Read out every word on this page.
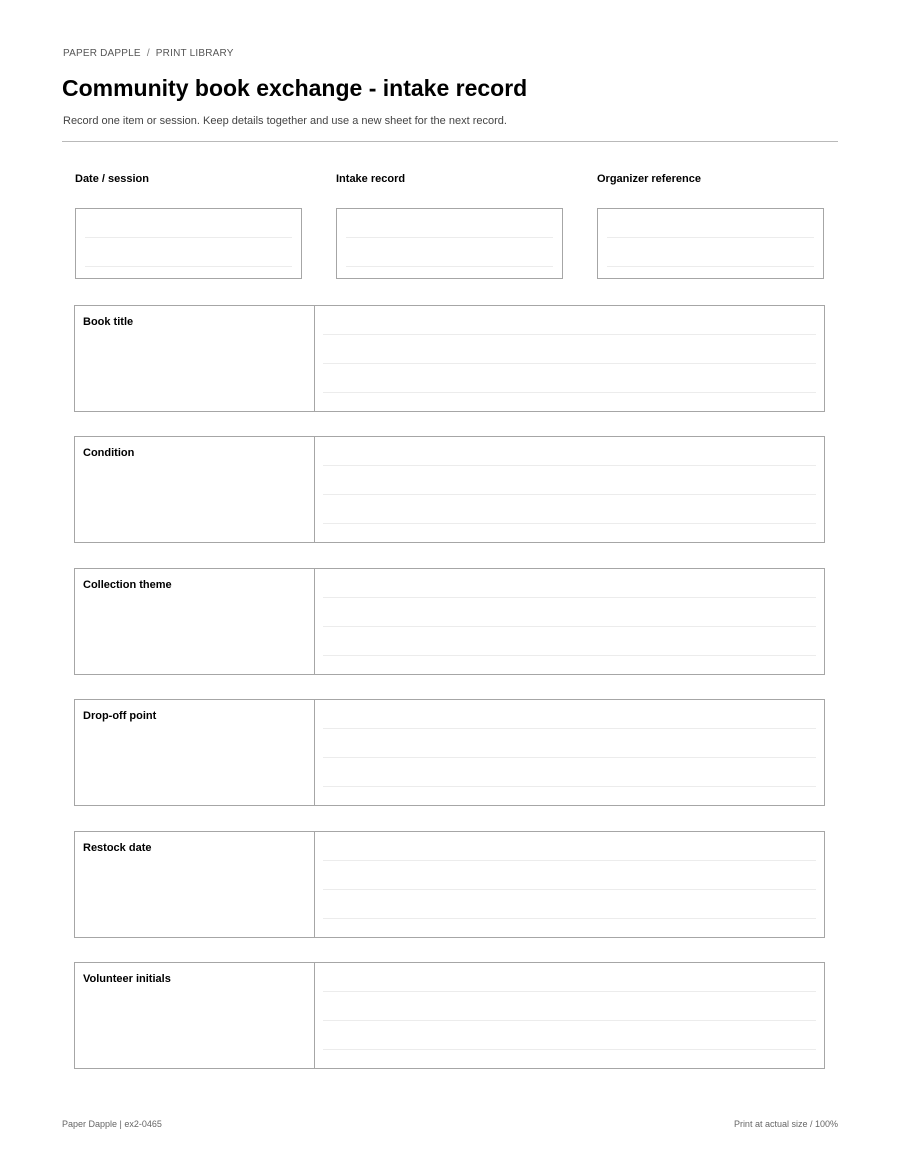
PAPER DAPPLE / PRINT LIBRARY
Community book exchange - intake record
Record one item or session. Keep details together and use a new sheet for the next record.
Date / session	Intake record	Organizer reference
Book title
Condition
Collection theme
Drop-off point
Restock date
Volunteer initials
Paper Dapple | ex2-0465	Print at actual size / 100%
